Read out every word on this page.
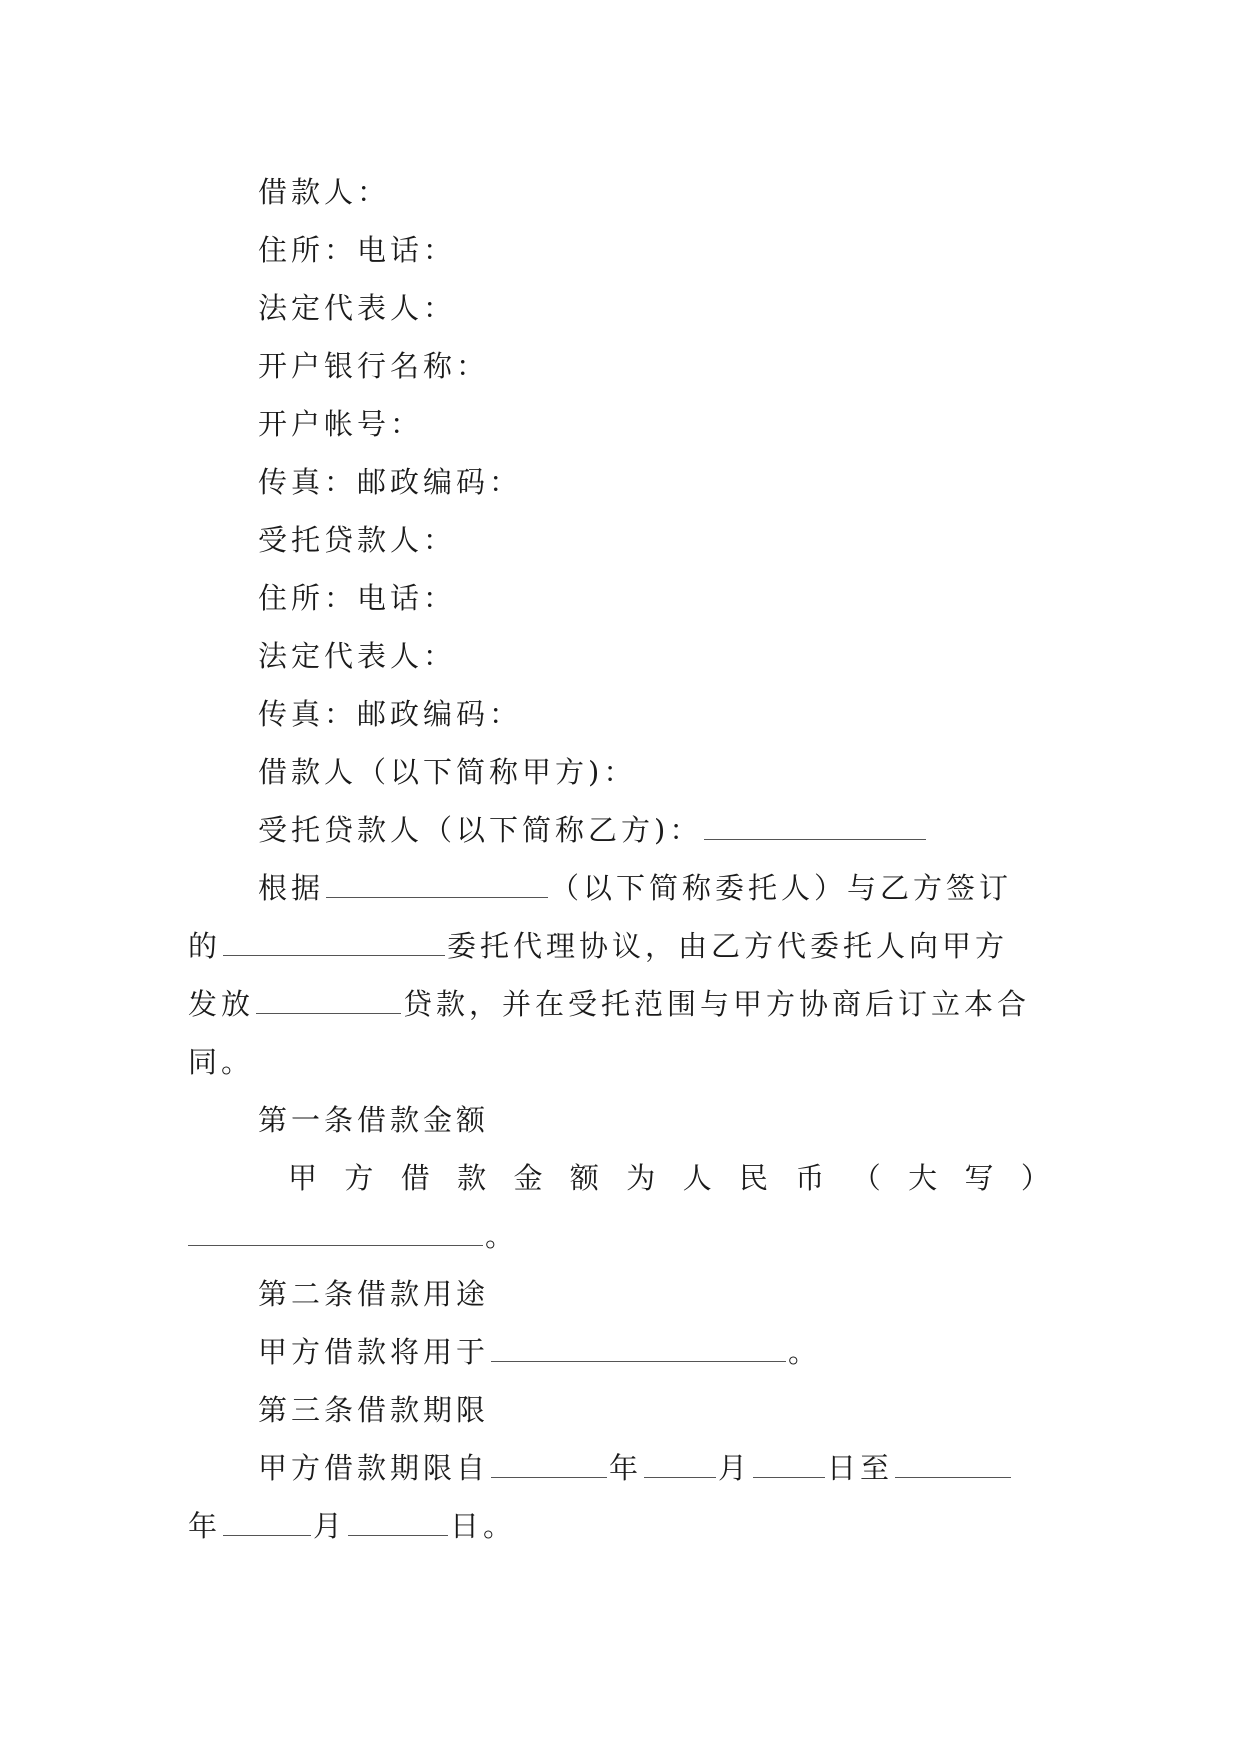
借款人：
住所：电话：
法定代表人：
开户银行名称：
开户帐号：
传真：邮政编码：
受托贷款人：
住所：电话：
法定代表人：
传真：邮政编码：
借款人（以下简称甲方)：
受托贷款人（以下简称乙方)：
根据	（以下简称委托人）与乙方签订
的	委托代理协议，由乙方代委托人向甲方
发放	贷款，并在受托范围与甲方协商后订立本合
同。
第一条借款金额
甲 方 借 款 金 额 为 人 民 币 （ 大 写 ）
。
第二条借款用途
甲方借款将用于	。
第三条借款期限
甲方借款期限自	年	月	日至
年	月	日。
